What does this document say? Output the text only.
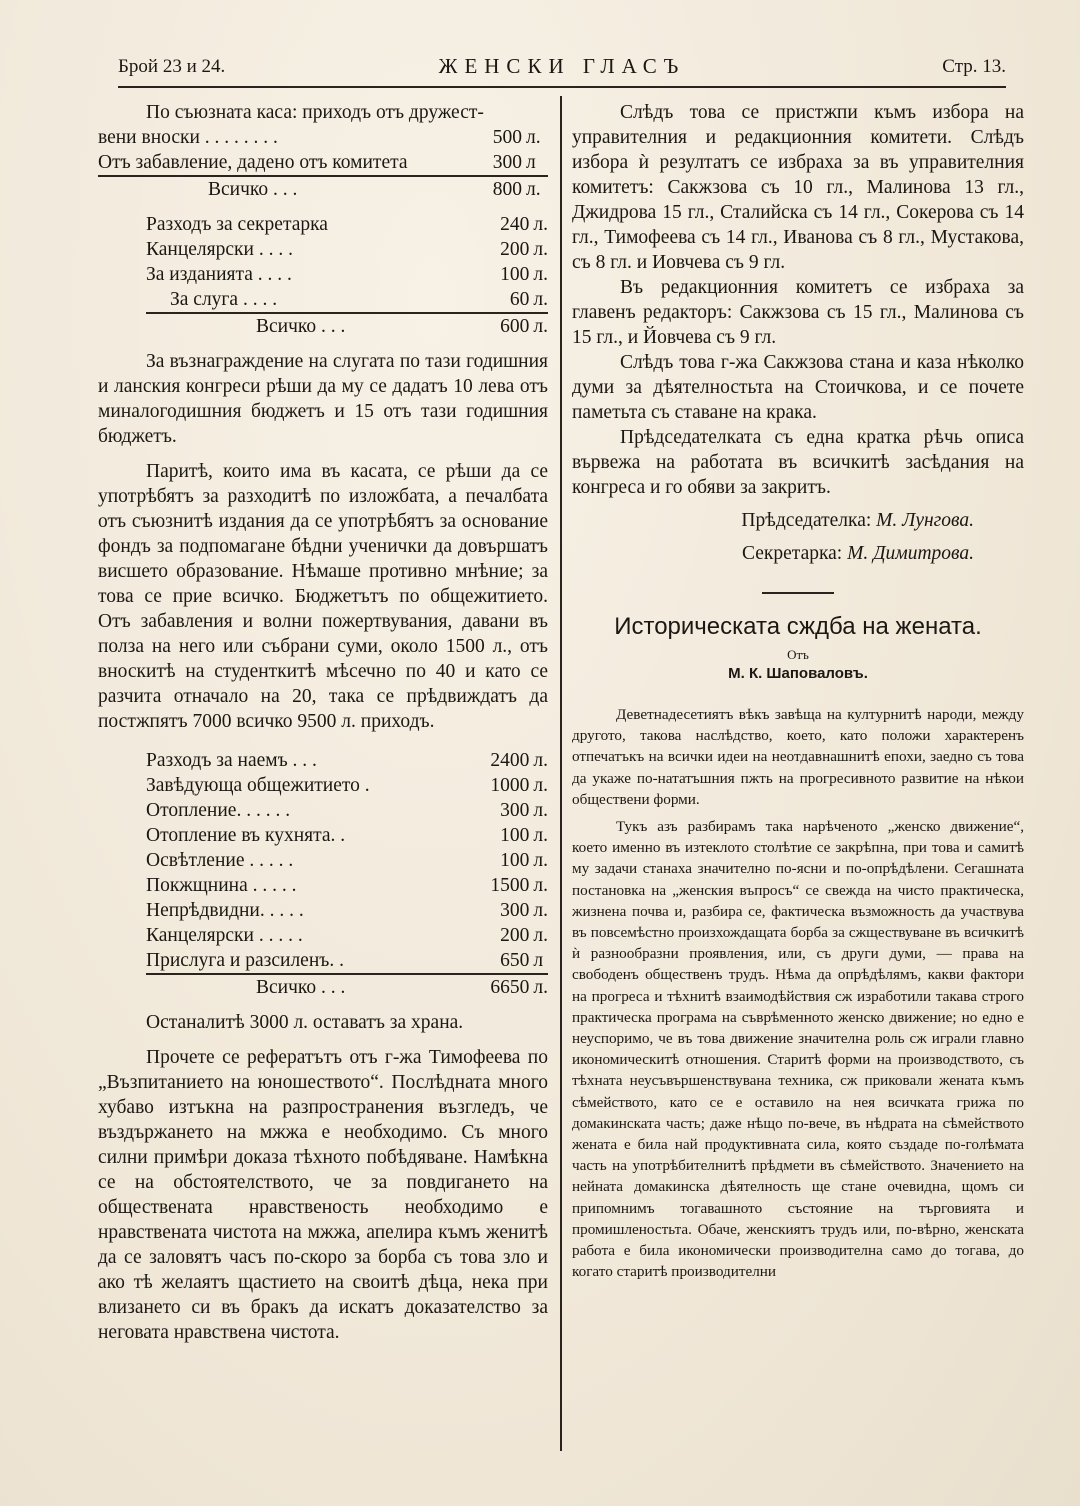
Брой 23 и 24.	ЖЕНСКИ ГЛАСЪ	Стр. 13.

По съюзната каса: приходъ отъ дружест-

вени вноски . . . . . . . .	500	л.
Отъ забавление, дадено отъ комитета	300	л
Всичко . . .	800	л.
Разходъ за секретарка	240	л.
Канцелярски . . . .	200	л.
За изданията . . . .	100	л.
За слуга . . . .	60	л.
Всичко . . .	600	л.

За възнаграждение на слугата по тази годишния и ланския конгреси рѣши да му се дадатъ 10 лева отъ миналогодишния бюджетъ и 15 отъ тази годишния бюджетъ.

Паритѣ, които има въ касата, се рѣши да се употрѣбятъ за разходитѣ по изложбата, а печалбата отъ съюзнитѣ издания да се употрѣбятъ за основание фондъ за подпомагане бѣдни ученички да довършатъ висшето образование. Нѣмаше противно мнѣние; за това се прие всичко. Бюджетътъ по общежитието. Отъ забавления и волни пожертвувания, давани въ полза на него или събрани суми, около 1500 л., отъ вноскитѣ на студенткитѣ мѣсечно по 40 и като се разчита отначало на 20, така се прѣдвиждатъ да постжпятъ 7000 всичко 9500 л. приходъ.

Разходъ за наемъ . . .	2400	л.
Завѣдующа общежитието .	1000	л.
Отопление. . . . . .	300	л.
Отопление въ кухнята. .	100	л.
Освѣтление . . . . .	100	л.
Покжщнина . . . . .	1500	л.
Непрѣдвидни. . . . .	300	л.
Канцелярски . . . . .	200	л.
Прислуга и разсиленъ. .	650	л
Всичко . . .	6650	л.

Останалитѣ 3000 л. оставатъ за храна.

Прочете се рефератътъ отъ г-жа Тимофеева по „Възпитанието на юношеството“. Послѣдната много хубаво изтъкна на разпространения възгледъ, че въздържането на мжжа е необходимо. Съ много силни примѣри доказа тѣхното побѣдяване. Намѣкна се на обстоятелството, че за повдигането на обществената нравственость необходимо е нравствената чистота на мжжа, апелира къмъ женитѣ да се заловятъ часъ по-скоро за борба съ това зло и ако тѣ желаятъ щастието на своитѣ дѣца, нека при влизането си въ бракъ да искатъ доказателство за неговата нравствена чистота.

Слѣдъ това се пристжпи къмъ избора на управителния и редакционния комитети. Слѣдъ избора ѝ резултатъ се избраха за въ управителния комитетъ: Сакжзова съ 10 гл., Малинова 13 гл., Джидрова 15 гл., Сталийска съ 14 гл., Сокерова съ 14 гл., Тимофеева съ 14 гл., Иванова съ 8 гл., Мустакова, съ 8 гл. и Иовчева съ 9 гл.

Въ редакционния комитетъ се избраха за главенъ редакторъ: Сакжзова съ 15 гл., Малинова съ 15 гл., и Йовчева съ 9 гл.

Слѣдъ това г-жа Сакжзова стана и каза нѣколко думи за дѣятелностьта на Стоичкова, и се почете паметьта съ ставане на крака.

Прѣдседателката съ една кратка рѣчь описа вървежа на работата въ всичкитѣ засѣдания на конгреса и го обяви за закритъ.

Прѣдседателка: М. Лунгова.
Секретарка: М. Димитрова.
Историческата сждба на жената.
Отъ
М. К. Шаповаловъ.

Деветнадесетиятъ вѣкъ завѣща на културнитѣ народи, между другото, такова наслѣдство, което, като положи характеренъ отпечатъкъ на всички идеи на неотдавнашнитѣ епохи, заедно съ това да укаже по-нататъшния пжть на прогресивното развитие на нѣкои обществени форми.

Тукъ азъ разбирамъ така нарѣченото „женско движение“, което именно въ изтеклото столѣтие се закрѣпна, при това и самитѣ му задачи станаха значително по-ясни и по-опрѣдѣлени. Сегашната постановка на „женския въпросъ“ се свежда на чисто практическа, жизнена почва и, разбира се, фактическа възможность да участвува въ повсемѣстно произхождащата борба за сжществуване въ всичкитѣ ѝ разнообразни проявления, или, съ други думи, — права на свободенъ общественъ трудъ. Нѣма да опрѣдѣлямъ, какви фактори на прогреса и тѣхнитѣ взаимодѣйствия сж изработили такава строго практическа програма на съврѣменното женско движение; но едно е неуспоримо, че въ това движение значителна роль сж играли главно икономическитѣ отношения. Старитѣ форми на производството, съ тѣхната неусъвършенствувана техника, сж приковали жената къмъ сѣмейството, като се е оставило на нея всичката грижа по домакинската часть; даже нѣщо по-вече, въ нѣдрата на сѣмейството жената е била най продуктивната сила, която създаде по-голѣмата часть на употрѣбителнитѣ прѣдмети въ сѣмейството. Значението на нейната домакинска дѣятелность ще стане очевидна, щомъ си припомнимъ тогавашното състояние на търговията и промишленостьта. Обаче, женскиятъ трудъ или, по-вѣрно, женската работа е била икономически производителна само до тогава, до когато старитѣ производителни
